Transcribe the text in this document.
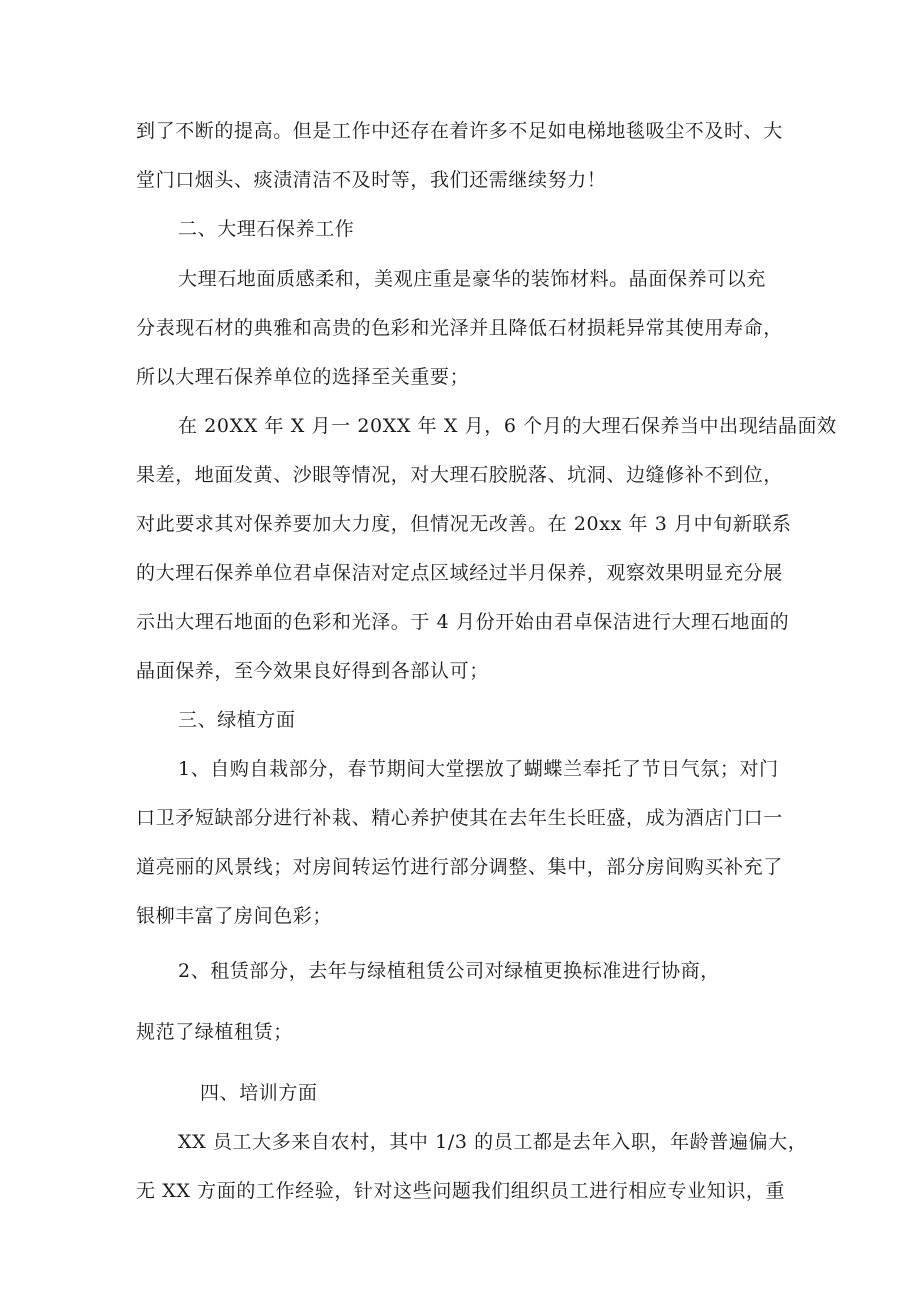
到了不断的提高。但是工作中还存在着许多不足如电梯地毯吸尘不及时、大
堂门口烟头、痰渍清洁不及时等，我们还需继续努力！
二、大理石保养工作
大理石地面质感柔和，美观庄重是豪华的装饰材料。晶面保养可以充
分表现石材的典雅和高贵的色彩和光泽并且降低石材损耗异常其使用寿命，
所以大理石保养单位的选择至关重要；
在 20XX 年 X 月一 20XX 年 X 月，6 个月的大理石保养当中出现结晶面效
果差，地面发黄、沙眼等情况，对大理石胶脱落、坑洞、边缝修补不到位，
对此要求其对保养要加大力度，但情况无改善。在 20xx 年 3 月中旬新联系
的大理石保养单位君卓保洁对定点区域经过半月保养，观察效果明显充分展
示出大理石地面的色彩和光泽。于 4 月份开始由君卓保洁进行大理石地面的
晶面保养，至今效果良好得到各部认可；
三、绿植方面
1、自购自栽部分，春节期间大堂摆放了蝴蝶兰奉托了节日气氛；对门
口卫矛短缺部分进行补栽、精心养护使其在去年生长旺盛，成为酒店门口一
道亮丽的风景线；对房间转运竹进行部分调整、集中，部分房间购买补充了
银柳丰富了房间色彩；
2、租赁部分，去年与绿植租赁公司对绿植更换标准进行协商，
规范了绿植租赁；
四、培训方面
XX 员工大多来自农村，其中 1/3 的员工都是去年入职，年龄普遍偏大，
无 XX 方面的工作经验，针对这些问题我们组织员工进行相应专业知识，重
